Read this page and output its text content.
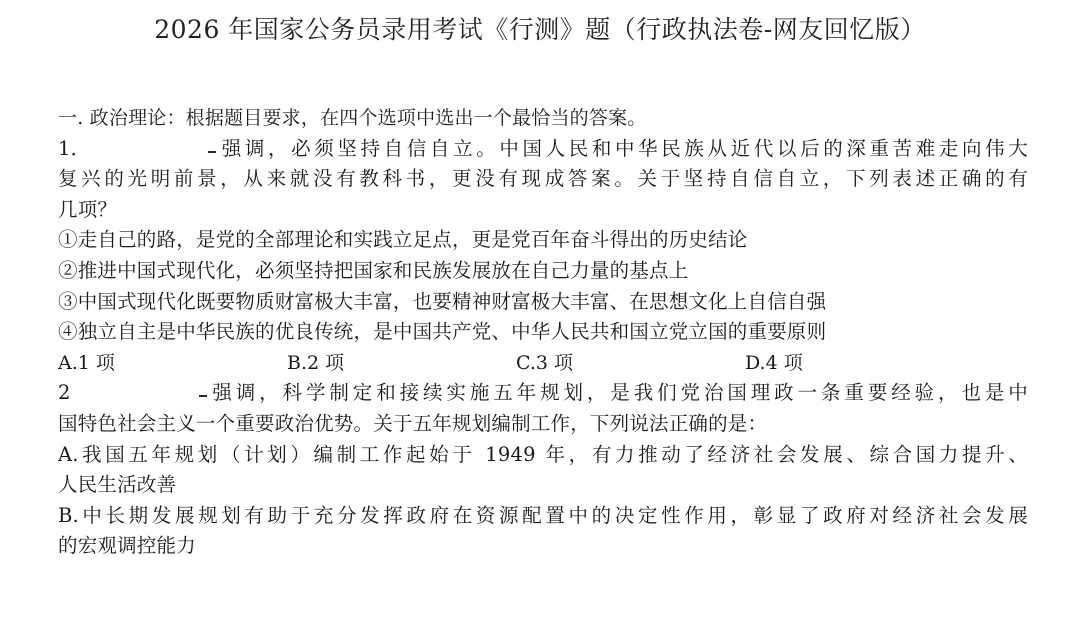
2026 年国家公务员录用考试《行测》题（行政执法卷-网友回忆版）
一. 政治理论：根据题目要求，在四个选项中选出一个最恰当的答案。
1．	强调，必须坚持自信自立。中国人民和中华民族从近代以后的深重苦难走向伟大
复兴的光明前景，从来就没有教科书，更没有现成答案。关于坚持自信自立，下列表述正确的有
几项？
①走自己的路，是党的全部理论和实践立足点，更是党百年奋斗得出的历史结论
②推进中国式现代化，必须坚持把国家和民族发展放在自己力量的基点上
③中国式现代化既要物质财富极大丰富，也要精神财富极大丰富、在思想文化上自信自强
④独立自主是中华民族的优良传统，是中国共产党、中华人民共和国立党立国的重要原则
A.1 项	B.2 项	C.3 项	D.4 项
2	强调，科学制定和接续实施五年规划，是我们党治国理政一条重要经验，也是中
国特色社会主义一个重要政治优势。关于五年规划编制工作，下列说法正确的是：
A.我国五年规划（计划）编制工作起始于 1949 年，有力推动了经济社会发展、综合国力提升、
人民生活改善
B.中长期发展规划有助于充分发挥政府在资源配置中的决定性作用，彰显了政府对经济社会发展
的宏观调控能力
